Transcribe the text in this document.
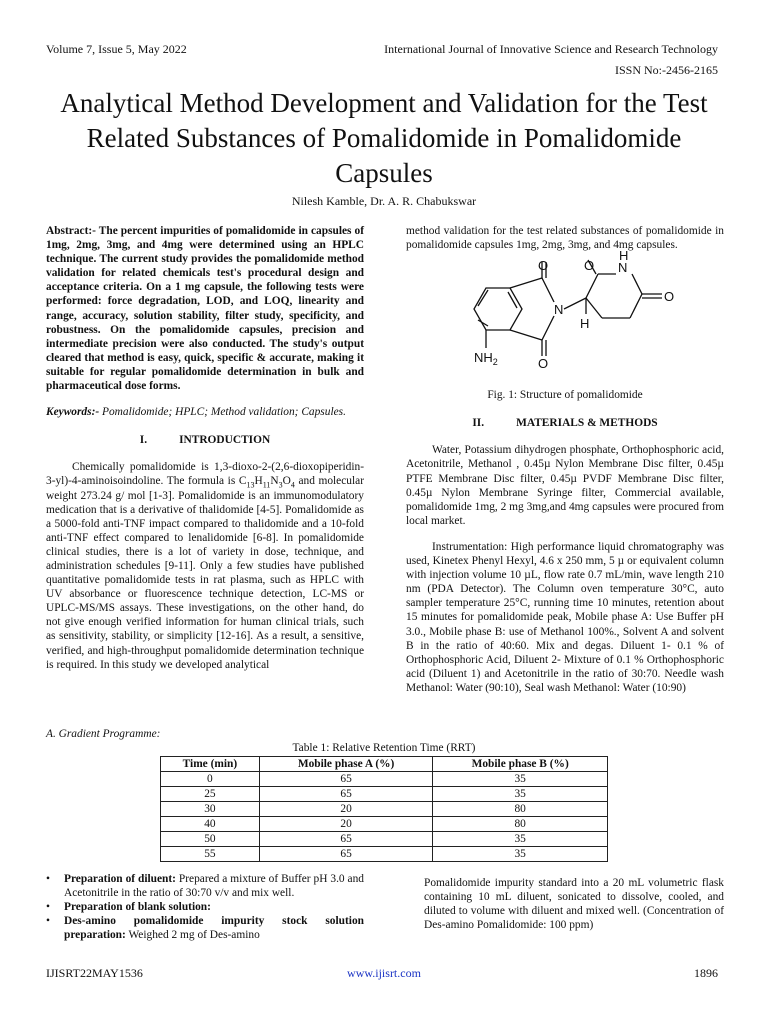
Volume 7, Issue 5, May 2022	International Journal of Innovative Science and Research Technology
ISSN No:-2456-2165
Analytical Method Development and Validation for the Test Related Substances of Pomalidomide in Pomalidomide Capsules
Nilesh Kamble, Dr. A. R. Chabukswar

Abstract:- The percent impurities of pomalidomide in capsules of 1mg, 2mg, 3mg, and 4mg were determined using an HPLC technique. The current study provides the pomalidomide method validation for related chemicals test's procedural design and acceptance criteria. On a 1 mg capsule, the following tests were performed: force degradation, LOD, and LOQ, linearity and range, accuracy, solution stability, filter study, specificity, and robustness. On the pomalidomide capsules, precision and intermediate precision were also conducted. The study's output cleared that method is easy, quick, specific & accurate, making it suitable for regular pomalidomide determination in bulk and pharmaceutical dose forms.

Keywords:- Pomalidomide; HPLC; Method validation; Capsules.

I.	INTRODUCTION

Chemically pomalidomide is 1,3-dioxo-2-(2,6-dioxopiperidin-3-yl)-4-aminoisoindoline. The formula is $C_{13}H_{11}N_3O_4$ and molecular weight 273.24 g/ mol [1-3]. Pomalidomide is an immunomodulatory medication that is a derivative of thalidomide [4-5]. Pomalidomide as a 5000-fold anti-TNF impact compared to thalidomide and a 10-fold anti-TNF effect compared to lenalidomide [6-8]. In pomalidomide clinical studies, there is a lot of variety in dose, technique, and administration schedules [9-11]. Only a few studies have published quantitative pomalidomide tests in rat plasma, such as HPLC with UV absorbance or fluorescence technique detection, LC-MS or UPLC-MS/MS assays. These investigations, on the other hand, do not give enough verified information for human clinical trials, such as sensitivity, stability, or simplicity [12-16]. As a result, a sensitive, verified, and high-throughput pomalidomide determination technique is required. In this study we developed analytical

method validation for the test related substances of pomalidomide in pomalidomide capsules 1mg, 2mg, 3mg, and 4mg capsules.

O
O
N
H
O N
H
O
$NH_2$

Fig. 1: Structure of pomalidomide

II.	MATERIALS & METHODS

Water, Potassium dihydrogen phosphate, Orthophosphoric acid, Acetonitrile, Methanol , 0.45µ Nylon Membrane Disc filter, 0.45µ PTFE Membrane Disc filter, 0.45µ PVDF Membrane Disc filter, 0.45µ Nylon Membrane Syringe filter, Commercial available, pomalidomide 1mg, 2 mg 3mg,and 4mg capsules were procured from local market.

Instrumentation: High performance liquid chromatography was used, Kinetex Phenyl Hexyl, 4.6 x 250 mm, 5 µ or equivalent column with injection volume 10 µL, flow rate 0.7 mL/min, wave length 210 nm (PDA Detector). The Column oven temperature 30°C, auto sampler temperature 25°C, running time 10 minutes, retention about 15 minutes for pomalidomide peak, Mobile phase A: Use Buffer pH 3.0., Mobile phase B: use of Methanol 100%., Solvent A and solvent B in the ratio of 40:60. Mix and degas. Diluent 1- 0.1 % of Orthophosphoric Acid, Diluent 2- Mixture of 0.1 % Orthophosphoric acid (Diluent 1) and Acetonitrile in the ratio of 30:70. Needle wash Methanol: Water (90:10), Seal wash Methanol: Water (10:90)

A. Gradient Programme:
Table 1: Relative Retention Time (RRT)
Time (min)	Mobile phase A (%)	Mobile phase B (%)
0	65	35
25	65	35
30	20	80
40	20	80
50	65	35
55	65	35
• Preparation of diluent: Prepared a mixture of Buffer pH 3.0 and Acetonitrile in the ratio of 30:70 v/v and mix well.
• Preparation of blank solution:
• Des-amino pomalidomide impurity stock solution preparation: Weighed 2 mg of Des-amino
Pomalidomide impurity standard into a 20 mL volumetric flask containing 10 mL diluent, sonicated to dissolve, cooled, and diluted to volume with diluent and mixed well. (Concentration of Des-amino Pomalidomide: 100 ppm)
IJISRT22MAY1536	www.ijisrt.com	1896
